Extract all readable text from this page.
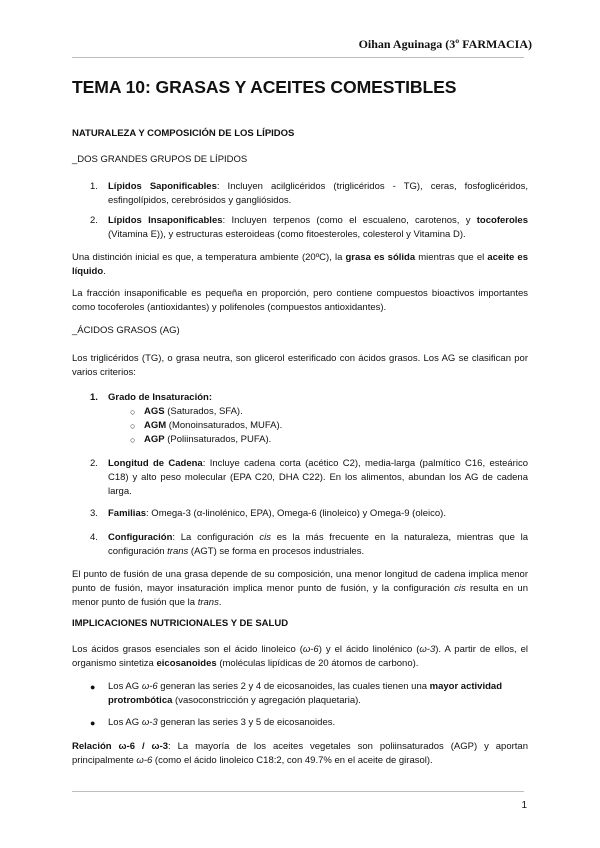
Oihan Aguinaga (3º FARMACIA)
TEMA 10: GRASAS Y ACEITES COMESTIBLES
NATURALEZA Y COMPOSICIÓN DE LOS LÍPIDOS
_DOS GRANDES GRUPOS DE LÍPIDOS
1. Lípidos Saponificables: Incluyen acilglicéridos (triglicéridos - TG), ceras, fosfoglicéridos, esfingolípidos, cerebrósidos y gangliósidos.
2. Lípidos Insaponificables: Incluyen terpenos (como el escualeno, carotenos, y tocoferoles (Vitamina E)), y estructuras esteroideas (como fitoesteroles, colesterol y Vitamina D).
Una distinción inicial es que, a temperatura ambiente (20ºC), la grasa es sólida mientras que el aceite es líquido.
La fracción insaponificable es pequeña en proporción, pero contiene compuestos bioactivos importantes como tocoferoles (antioxidantes) y polifenoles (compuestos antioxidantes).
_ÁCIDOS GRASOS (AG)
Los triglicéridos (TG), o grasa neutra, son glicerol esterificado con ácidos grasos. Los AG se clasifican por varios criterios:
1. Grado de Insaturación:
○ AGS (Saturados, SFA).
○ AGM (Monoinsaturados, MUFA).
○ AGP (Poliinsaturados, PUFA).
2. Longitud de Cadena: Incluye cadena corta (acético C2), media-larga (palmítico C16, esteárico C18) y alto peso molecular (EPA C20, DHA C22). En los alimentos, abundan los AG de cadena larga.
3. Familias: Omega-3 (α-linolénico, EPA), Omega-6 (linoleico) y Omega-9 (oleico).
4. Configuración: La configuración cis es la más frecuente en la naturaleza, mientras que la configuración trans (AGT) se forma en procesos industriales.
El punto de fusión de una grasa depende de su composición, una menor longitud de cadena implica menor punto de fusión, mayor insaturación implica menor punto de fusión, y la configuración cis resulta en un menor punto de fusión que la trans.
IMPLICACIONES NUTRICIONALES Y DE SALUD
Los ácidos grasos esenciales son el ácido linoleico (ω-6) y el ácido linolénico (ω-3). A partir de ellos, el organismo sintetiza eicosanoides (moléculas lipídicas de 20 átomos de carbono).
● Los AG ω-6 generan las series 2 y 4 de eicosanoides, las cuales tienen una mayor actividad protrombótica (vasoconstricción y agregación plaquetaria).
● Los AG ω-3 generan las series 3 y 5 de eicosanoides.
Relación ω-6 / ω-3: La mayoría de los aceites vegetales son poliinsaturados (AGP) y aportan principalmente ω-6 (como el ácido linoleico C18:2, con 49.7% en el aceite de girasol).
1
